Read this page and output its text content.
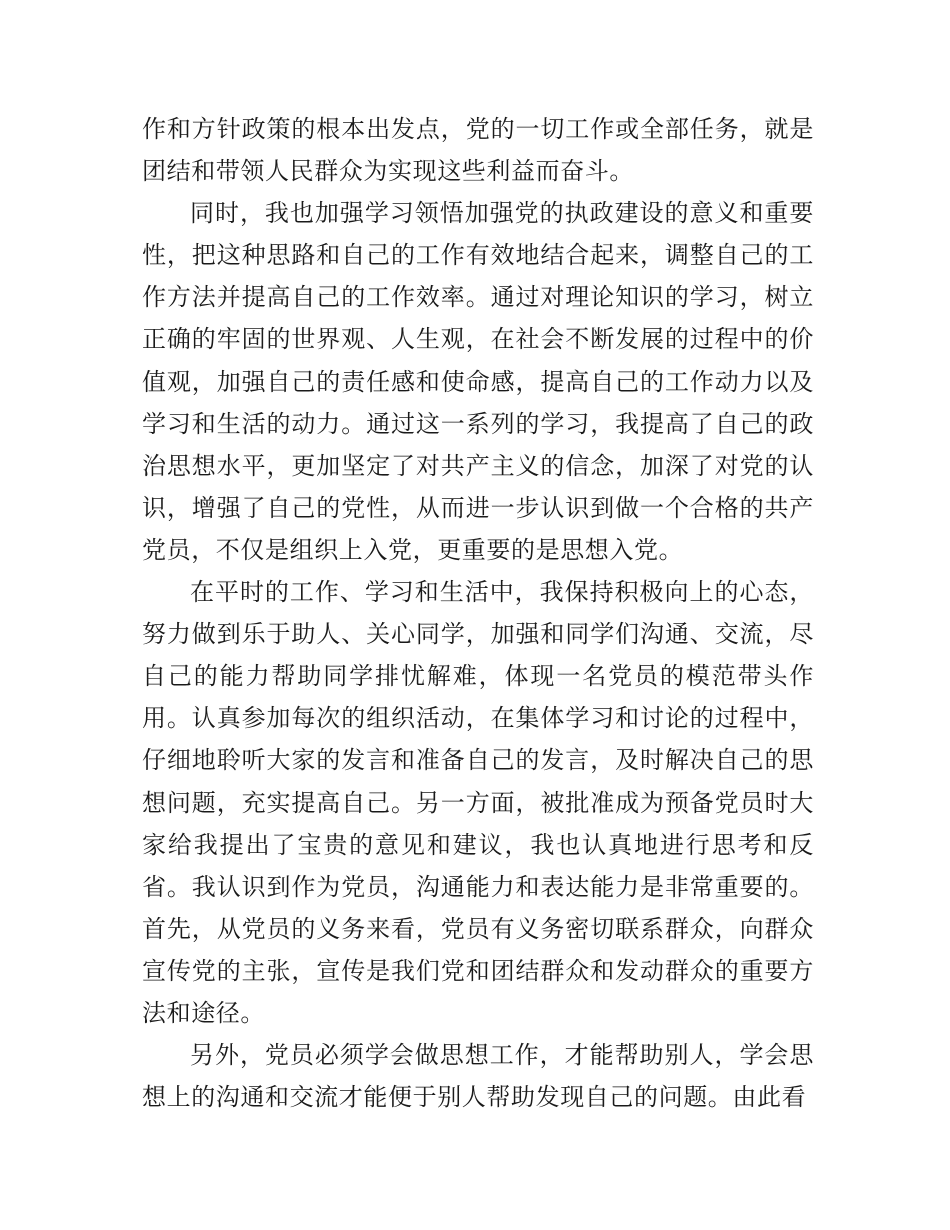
作和方针政策的根本出发点，党的一切工作或全部任务，就是团结和带领人民群众为实现这些利益而奋斗。

同时，我也加强学习领悟加强党的执政建设的意义和重要性，把这种思路和自己的工作有效地结合起来，调整自己的工作方法并提高自己的工作效率。通过对理论知识的学习，树立正确的牢固的世界观、人生观，在社会不断发展的过程中的价值观，加强自己的责任感和使命感，提高自己的工作动力以及学习和生活的动力。通过这一系列的学习，我提高了自己的政治思想水平，更加坚定了对共产主义的信念，加深了对党的认识，增强了自己的党性，从而进一步认识到做一个合格的共产党员，不仅是组织上入党，更重要的是思想入党。

在平时的工作、学习和生活中，我保持积极向上的心态，努力做到乐于助人、关心同学，加强和同学们沟通、交流，尽自己的能力帮助同学排忧解难，体现一名党员的模范带头作用。认真参加每次的组织活动，在集体学习和讨论的过程中，仔细地聆听大家的发言和准备自己的发言，及时解决自己的思想问题，充实提高自己。另一方面，被批准成为预备党员时大家给我提出了宝贵的意见和建议，我也认真地进行思考和反省。我认识到作为党员，沟通能力和表达能力是非常重要的。首先，从党员的义务来看，党员有义务密切联系群众，向群众宣传党的主张，宣传是我们党和团结群众和发动群众的重要方法和途径。

另外，党员必须学会做思想工作，才能帮助别人，学会思想上的沟通和交流才能便于别人帮助发现自己的问题。由此看
